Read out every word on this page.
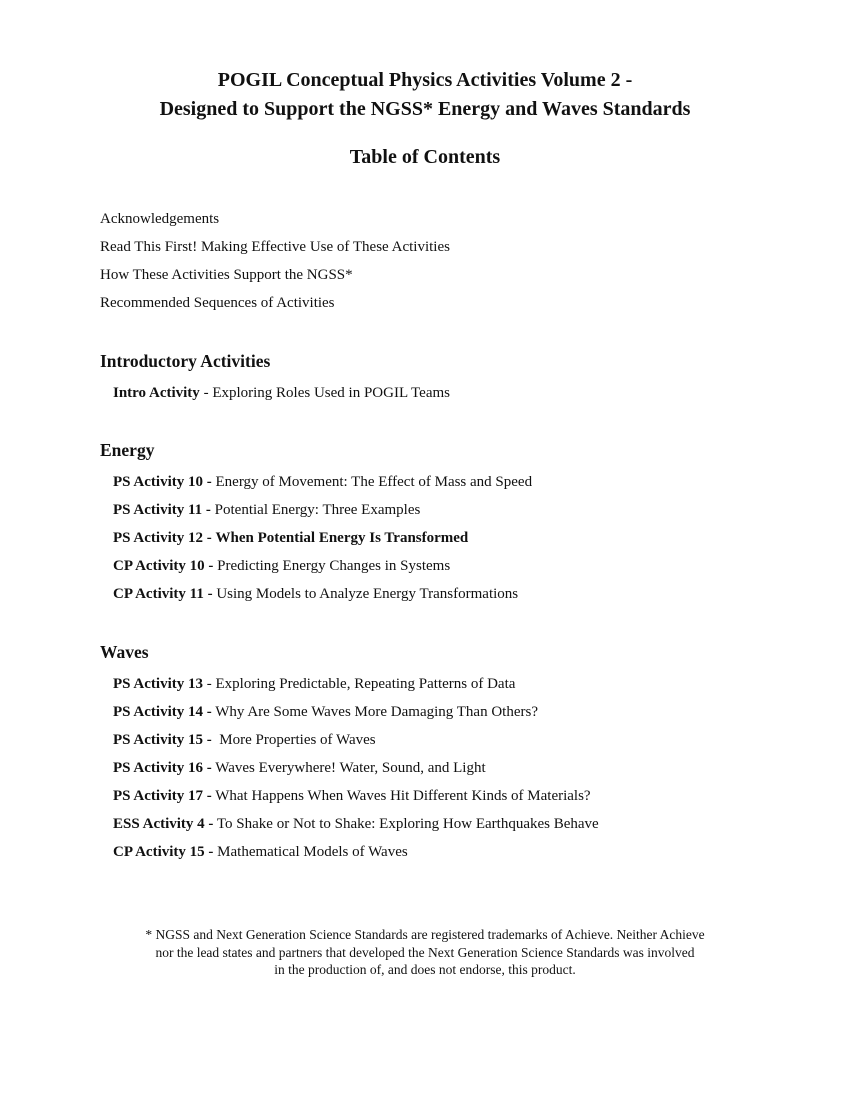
POGIL Conceptual Physics Activities Volume 2 -
Designed to Support the NGSS* Energy and Waves Standards
Table of Contents
Acknowledgements
Read This First! Making Effective Use of These Activities
How These Activities Support the NGSS*
Recommended Sequences of Activities
Introductory Activities
Intro Activity - Exploring Roles Used in POGIL Teams
Energy
PS Activity 10 - Energy of Movement: The Effect of Mass and Speed
PS Activity 11 - Potential Energy: Three Examples
PS Activity 12 - When Potential Energy Is Transformed
CP Activity 10 - Predicting Energy Changes in Systems
CP Activity 11 - Using Models to Analyze Energy Transformations
Waves
PS Activity 13 - Exploring Predictable, Repeating Patterns of Data
PS Activity 14 - Why Are Some Waves More Damaging Than Others?
PS Activity 15 - More Properties of Waves
PS Activity 16 - Waves Everywhere! Water, Sound, and Light
PS Activity 17 - What Happens When Waves Hit Different Kinds of Materials?
ESS Activity 4 - To Shake or Not to Shake: Exploring How Earthquakes Behave
CP Activity 15 - Mathematical Models of Waves
* NGSS and Next Generation Science Standards are registered trademarks of Achieve. Neither Achieve
nor the lead states and partners that developed the Next Generation Science Standards was involved
in the production of, and does not endorse, this product.
